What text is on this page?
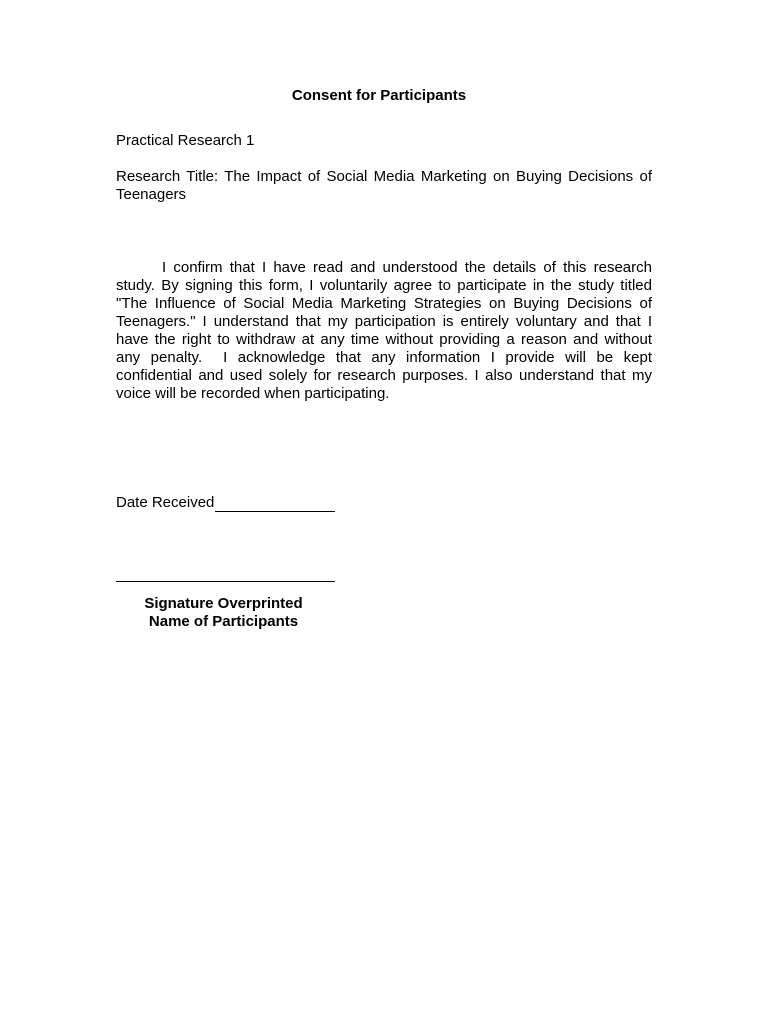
Consent for Participants

Practical Research 1

Research Title: The Impact of Social Media Marketing on Buying Decisions of Teenagers

I confirm that I have read and understood the details of this research study. By signing this form, I voluntarily agree to participate in the study titled "The Influence of Social Media Marketing Strategies on Buying Decisions of Teenagers." I understand that my participation is entirely voluntary and that I have the right to withdraw at any time without providing a reason and without any penalty.  I acknowledge that any information I provide will be kept confidential and used solely for research purposes. I also understand that my voice will be recorded when participating.

Date Received
Signature Overprinted
Name of Participants
